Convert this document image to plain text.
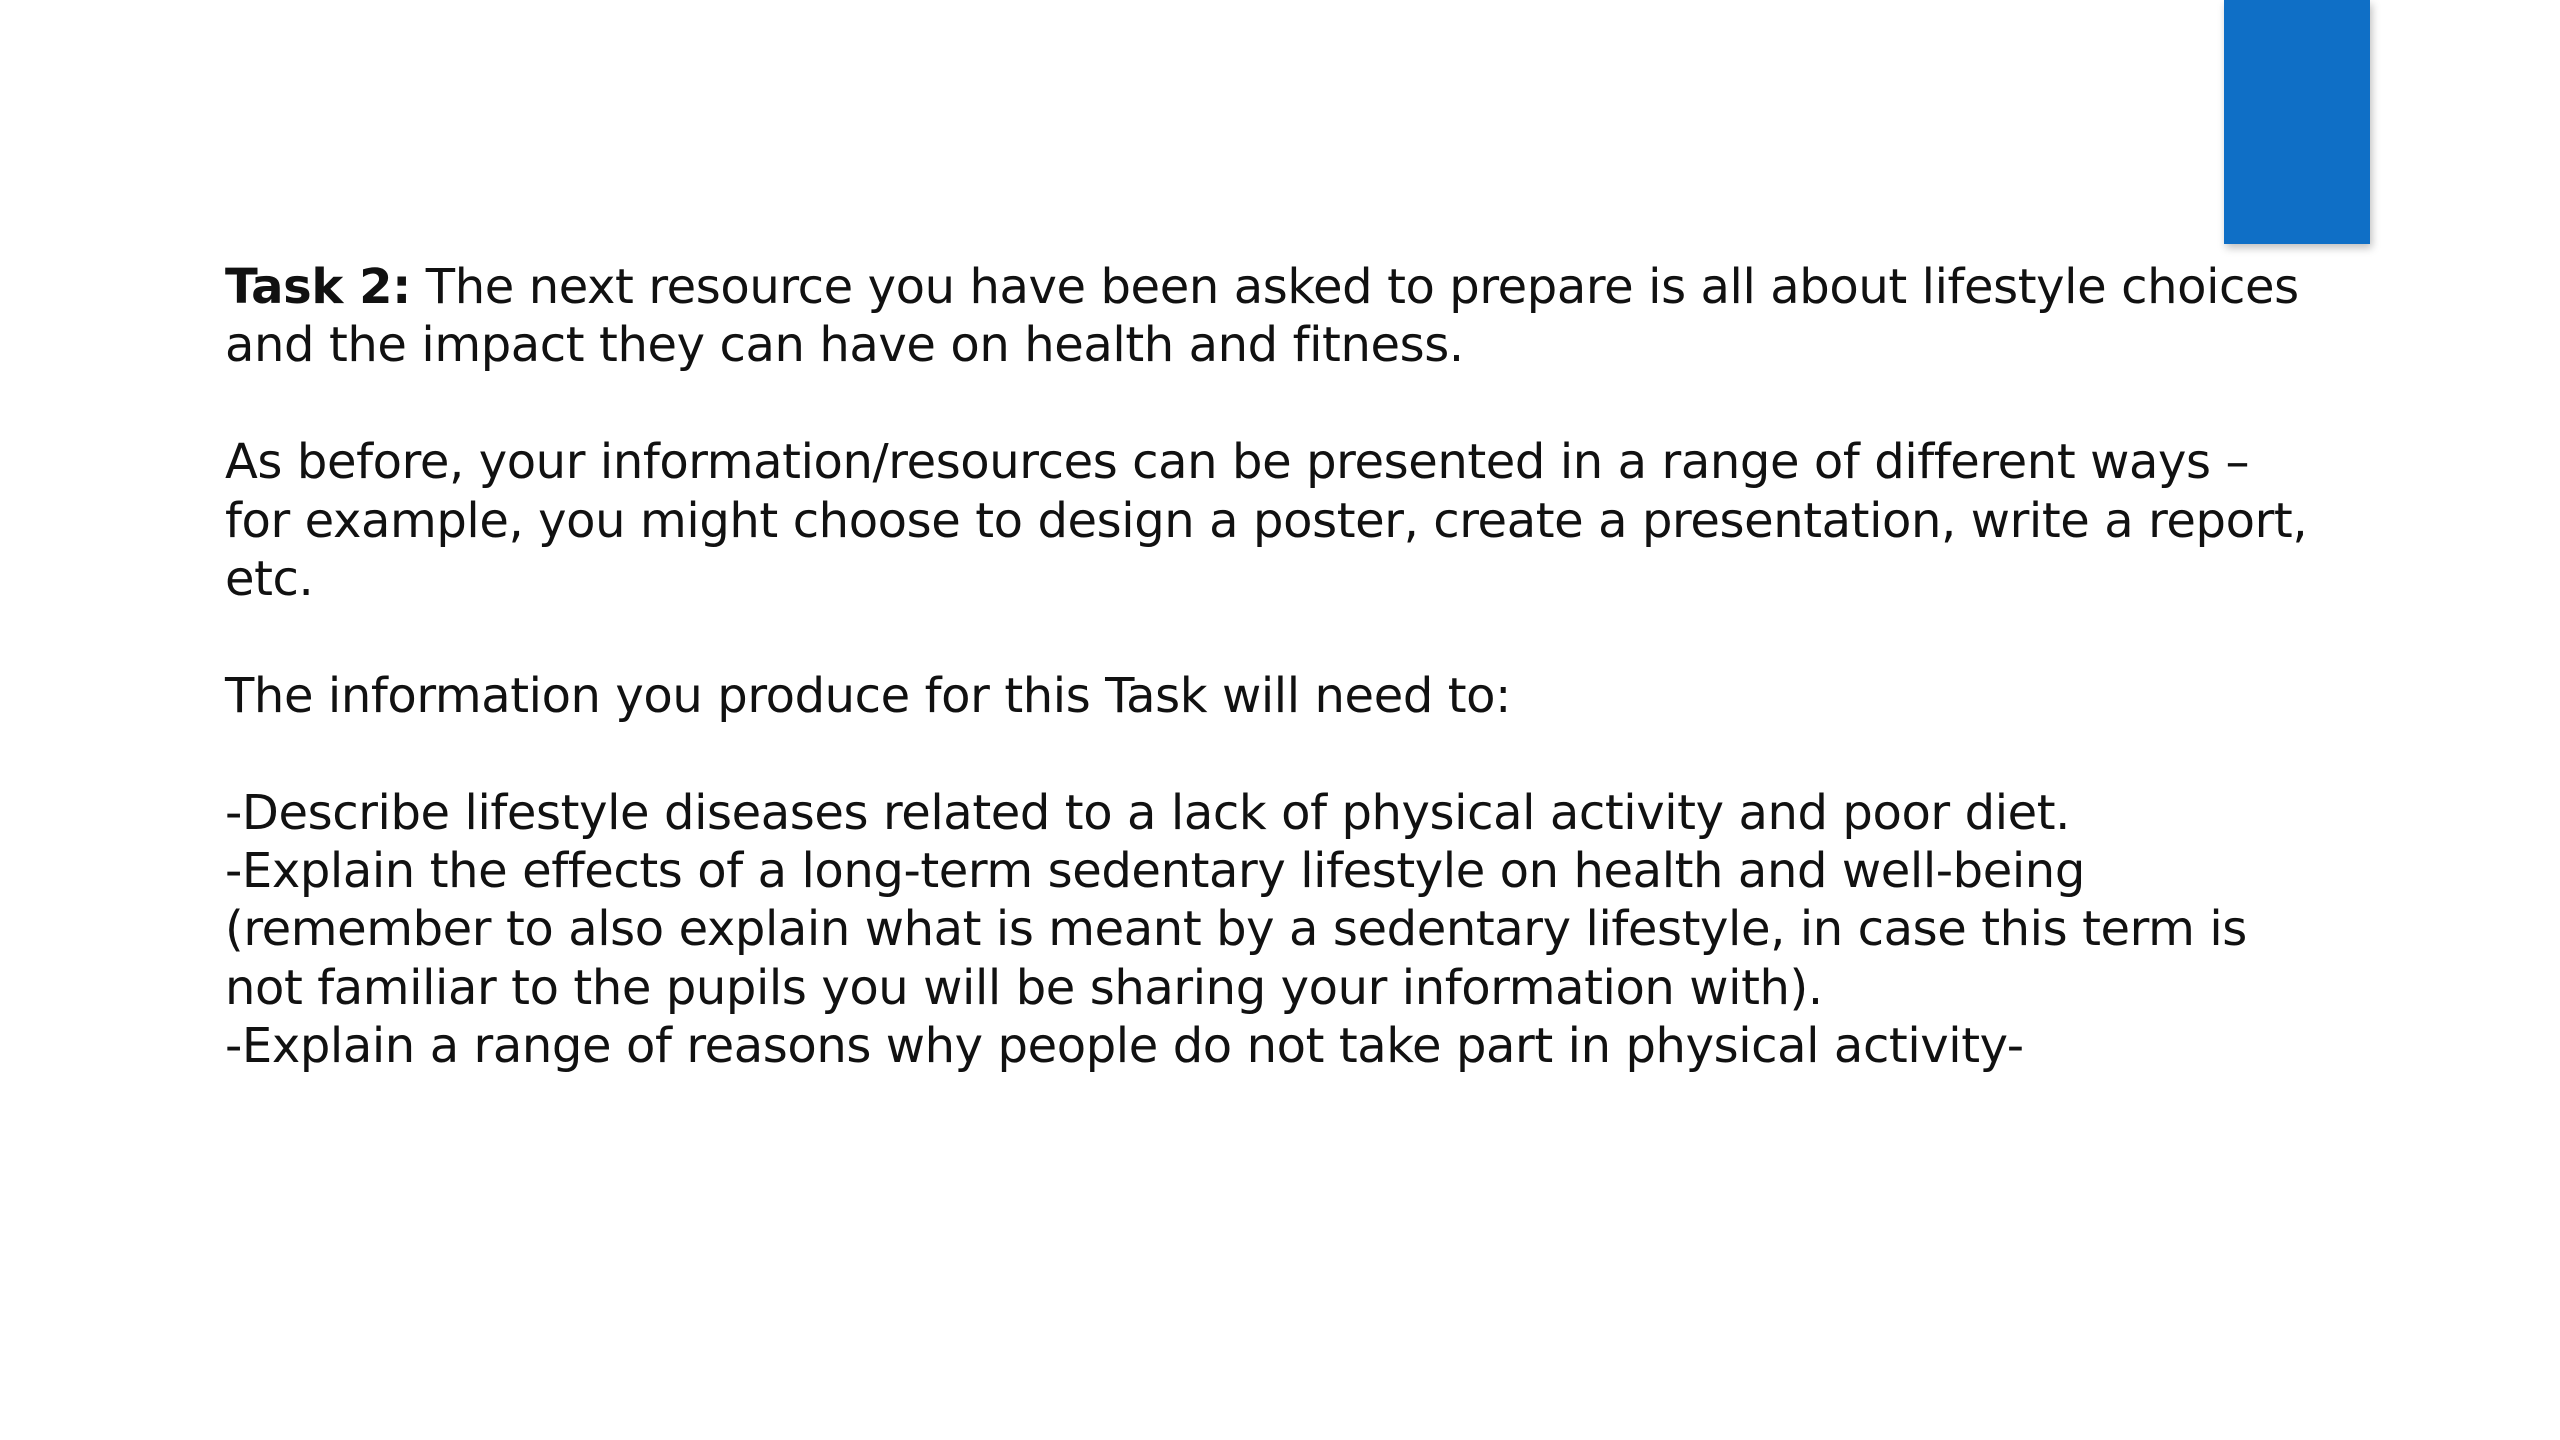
Task 2: The next resource you have been asked to prepare is all about lifestyle choices and the impact they can have on health and fitness.

As before, your information/resources can be presented in a range of different ways – for example, you might choose to design a poster, create a presentation, write a report, etc.

The information you produce for this Task will need to:

-Describe lifestyle diseases related to a lack of physical activity and poor diet.

-Explain the effects of a long-term sedentary lifestyle on health and well-being (remember to also explain what is meant by a sedentary lifestyle, in case this term is not familiar to the pupils you will be sharing your information with).

-Explain a range of reasons why people do not take part in physical activity-
